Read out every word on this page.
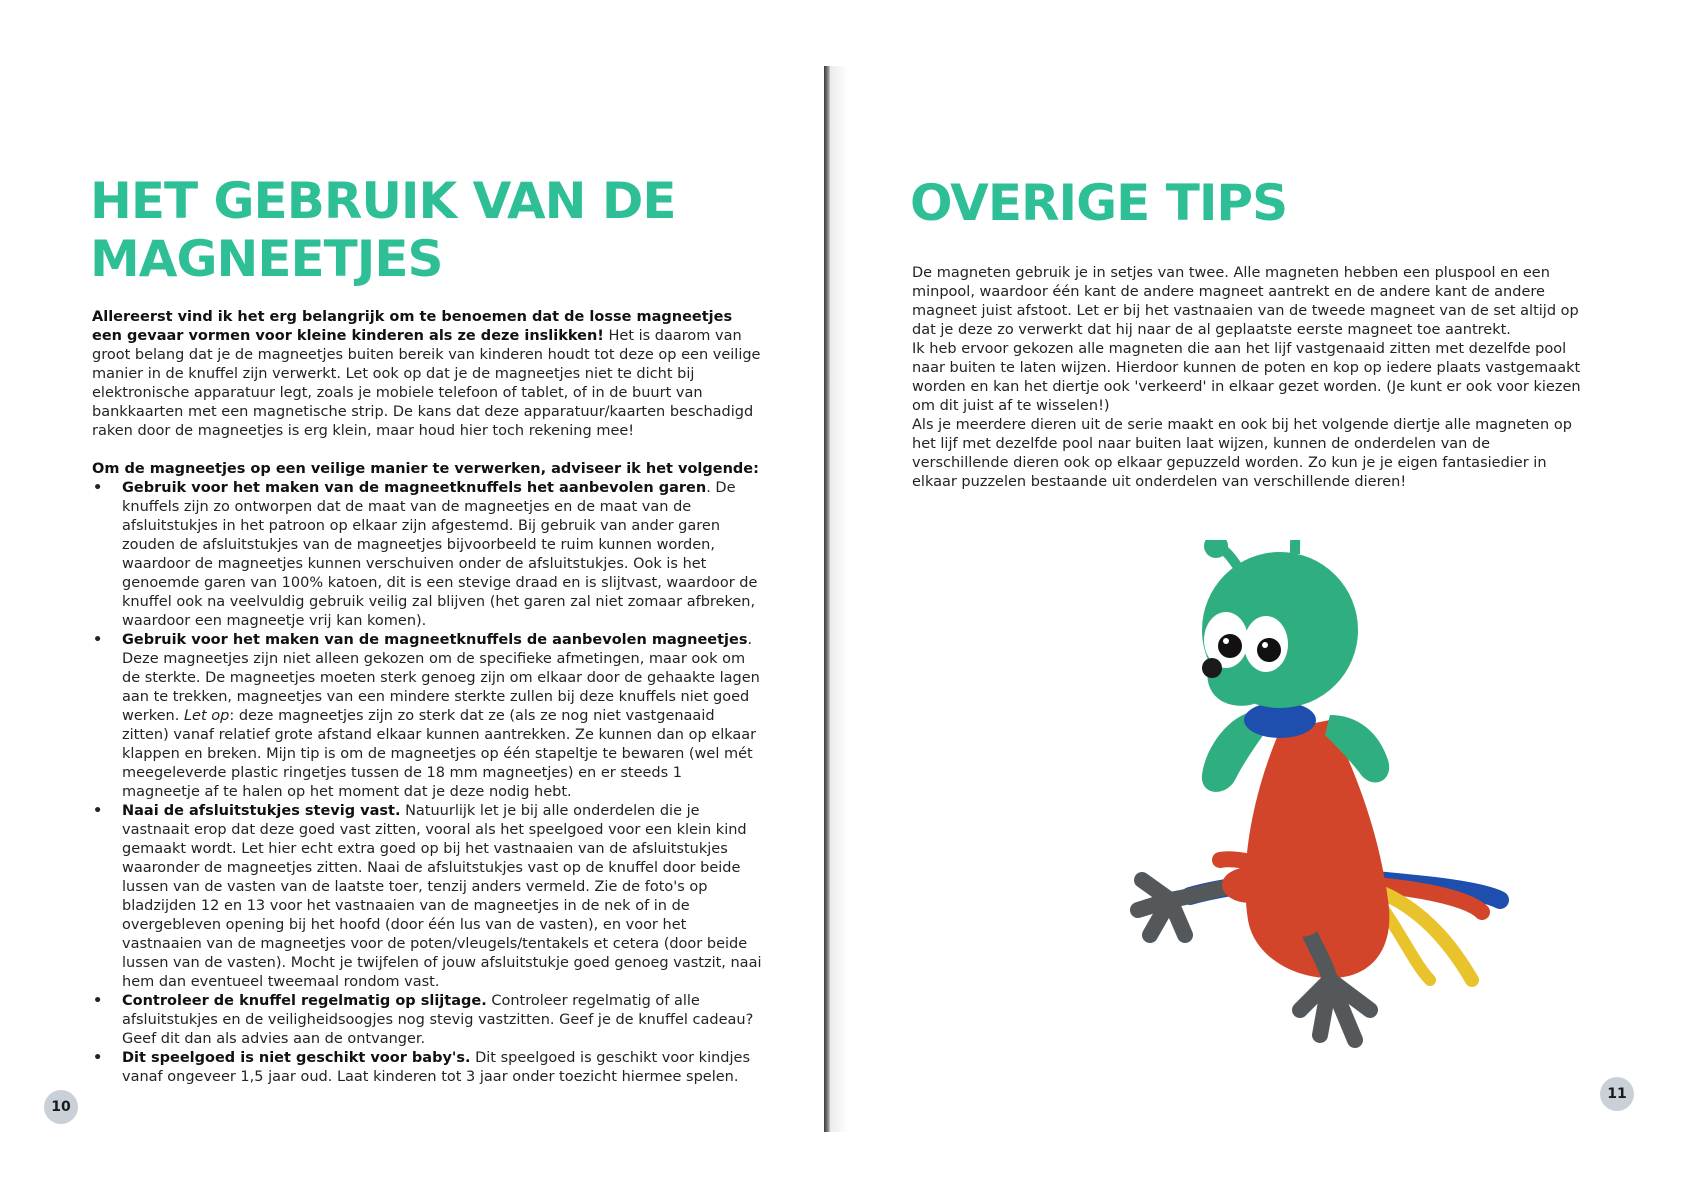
HET GEBRUIK VAN DE
MAGNEETJES

Allereerst vind ik het erg belangrijk om te benoemen dat de losse magneetjes een gevaar vormen voor kleine kinderen als ze deze inslikken! Het is daarom van groot belang dat je de magneetjes buiten bereik van kinderen houdt tot deze op een veilige manier in de knuffel zijn verwerkt. Let ook op dat je de magneetjes niet te dicht bij elektronische apparatuur legt, zoals je mobiele telefoon of tablet, of in de buurt van bankkaarten met een magnetische strip. De kans dat deze apparatuur/kaarten beschadigd raken door de magneetjes is erg klein, maar houd hier toch rekening mee!

Om de magneetjes op een veilige manier te verwerken, adviseer ik het volgende:

• Gebruik voor het maken van de magneetknuffels het aanbevolen garen. De knuffels zijn zo ontworpen dat de maat van de magneetjes en de maat van de afsluitstukjes in het patroon op elkaar zijn afgestemd. Bij gebruik van ander garen zouden de afsluitstukjes van de magneetjes bijvoorbeeld te ruim kunnen worden, waardoor de magneetjes kunnen verschuiven onder de afsluitstukjes. Ook is het genoemde garen van 100% katoen, dit is een stevige draad en is slijtvast, waardoor de knuffel ook na veelvuldig gebruik veilig zal blijven (het garen zal niet zomaar afbreken, waardoor een magneetje vrij kan komen).
• Gebruik voor het maken van de magneetknuffels de aanbevolen magneetjes. Deze magneetjes zijn niet alleen gekozen om de specifieke afmetingen, maar ook om de sterkte. De magneetjes moeten sterk genoeg zijn om elkaar door de gehaakte lagen aan te trekken, magneetjes van een mindere sterkte zullen bij deze knuffels niet goed werken. Let op: deze magneetjes zijn zo sterk dat ze (als ze nog niet vastgenaaid zitten) vanaf relatief grote afstand elkaar kunnen aantrekken. Ze kunnen dan op elkaar klappen en breken. Mijn tip is om de magneetjes op één stapeltje te bewaren (wel mét meegeleverde plastic ringetjes tussen de 18 mm magneetjes) en er steeds 1 magneetje af te halen op het moment dat je deze nodig hebt.
• Naai de afsluitstukjes stevig vast. Natuurlijk let je bij alle onderdelen die je vastnaait erop dat deze goed vast zitten, vooral als het speelgoed voor een klein kind gemaakt wordt. Let hier echt extra goed op bij het vastnaaien van de afsluitstukjes waaronder de magneetjes zitten. Naai de afsluitstukjes vast op de knuffel door beide lussen van de vasten van de laatste toer, tenzij anders vermeld. Zie de foto's op bladzijden 12 en 13 voor het vastnaaien van de magneetjes in de nek of in de overgebleven opening bij het hoofd (door één lus van de vasten), en voor het vastnaaien van de magneetjes voor de poten/vleugels/tentakels et cetera (door beide lussen van de vasten). Mocht je twijfelen of jouw afsluitstukje goed genoeg vastzit, naai hem dan eventueel tweemaal rondom vast.
• Controleer de knuffel regelmatig op slijtage. Controleer regelmatig of alle afsluitstukjes en de veiligheidsoogjes nog stevig vastzitten. Geef je de knuffel cadeau? Geef dit dan als advies aan de ontvanger.
• Dit speelgoed is niet geschikt voor baby's. Dit speelgoed is geschikt voor kindjes vanaf ongeveer 1,5 jaar oud. Laat kinderen tot 3 jaar onder toezicht hiermee spelen.
10
OVERIGE TIPS

De magneten gebruik je in setjes van twee. Alle magneten hebben een pluspool en een minpool, waardoor één kant de andere magneet aantrekt en de andere kant de andere magneet juist afstoot. Let er bij het vastnaaien van de tweede magneet van de set altijd op dat je deze zo verwerkt dat hij naar de al geplaatste eerste magneet toe aantrekt.

Ik heb ervoor gekozen alle magneten die aan het lijf vastgenaaid zitten met dezelfde pool naar buiten te laten wijzen. Hierdoor kunnen de poten en kop op iedere plaats vastgemaakt worden en kan het diertje ook 'verkeerd' in elkaar gezet worden. (Je kunt er ook voor kiezen om dit juist af te wisselen!)

Als je meerdere dieren uit de serie maakt en ook bij het volgende diertje alle magneten op het lijf met dezelfde pool naar buiten laat wijzen, kunnen de onderdelen van de verschillende dieren ook op elkaar gepuzzeld worden. Zo kun je je eigen fantasiedier in elkaar puzzelen bestaande uit onderdelen van verschillende dieren!

11
